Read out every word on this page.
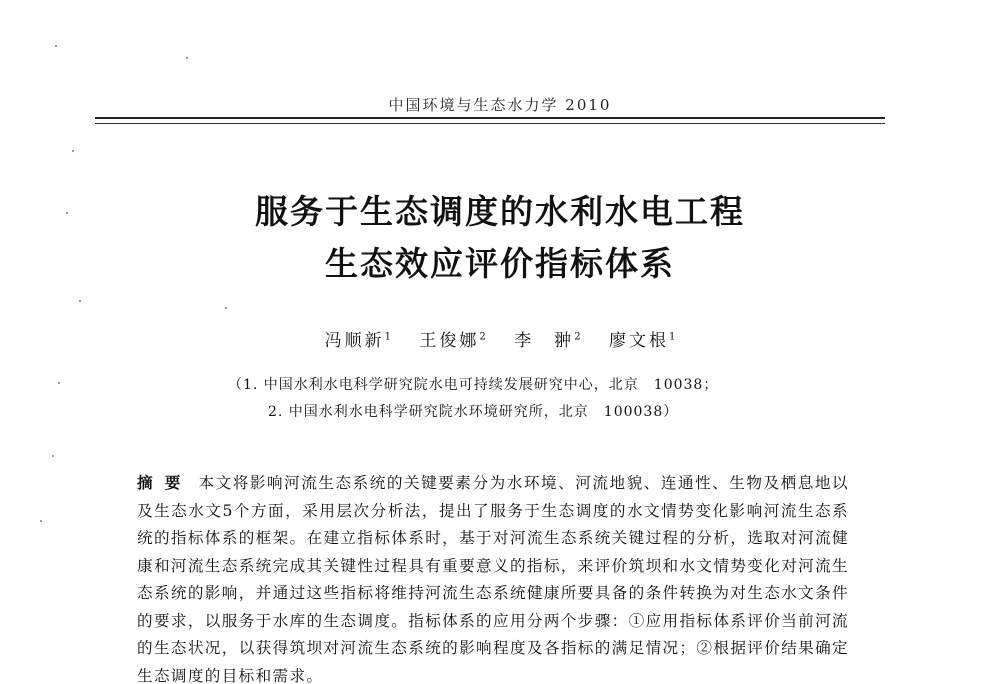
中国环境与生态水力学 2010
服务于生态调度的水利水电工程
生态效应评价指标体系
冯顺新$^1$ 王俊娜$^2$ 李　翀$^2$ 廖文根$^1$
（1. 中国水利水电科学研究院水电可持续发展研究中心，北京　10038；
2. 中国水利水电科学研究院水环境研究所，北京　100038）
摘要 本文将影响河流生态系统的关键要素分为水环境、河流地貌、连通性、生物及栖息地以及生态水文5个方面，采用层次分析法，提出了服务于生态调度的水文情势变化影响河流生态系统的指标体系的框架。在建立指标体系时，基于对河流生态系统关键过程的分析，选取对河流健康和河流生态系统完成其关键性过程具有重要意义的指标，来评价筑坝和水文情势变化对河流生态系统的影响，并通过这些指标将维持河流生态系统健康所要具备的条件转换为对生态水文条件的要求，以服务于水库的生态调度。指标体系的应用分两个步骤：①应用指标体系评价当前河流的生态状况，以获得筑坝对河流生态系统的影响程度及各指标的满足情况；②根据评价结果确定生态调度的目标和需求。
